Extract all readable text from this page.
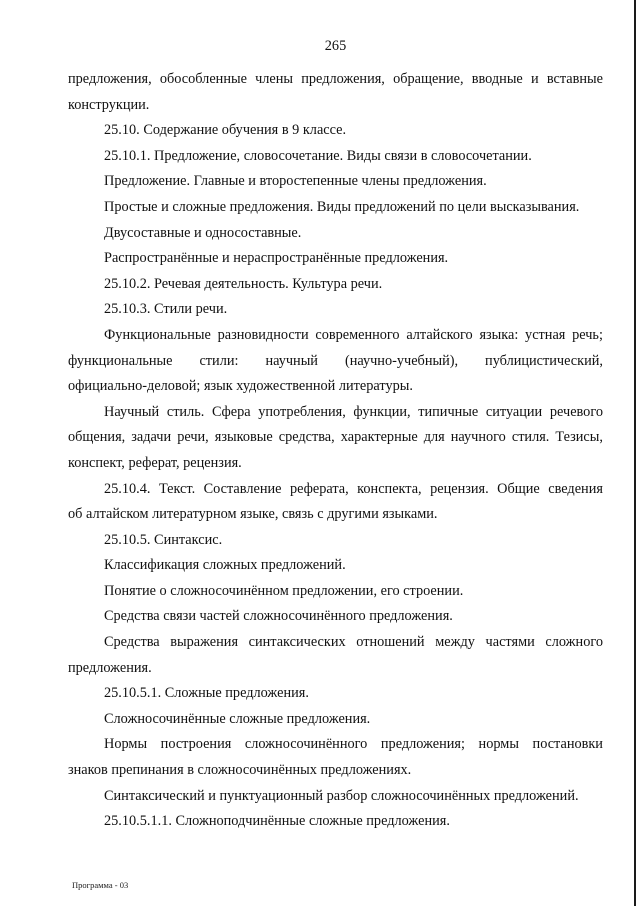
265
предложения, обособленные члены предложения, обращение, вводные и вставные
конструкции.
25.10. Содержание обучения в 9 классе.
25.10.1. Предложение, словосочетание. Виды связи в словосочетании.
Предложение. Главные и второстепенные члены предложения.
Простые и сложные предложения. Виды предложений по цели высказывания.
Двусоставные и односоставные.
Распространённые и нераспространённые предложения.
25.10.2. Речевая деятельность. Культура речи.
25.10.3. Стили речи.
Функциональные разновидности современного алтайского языка: устная речь;
функциональные стили: научный (научно-учебный), публицистический,
официально-деловой; язык художественной литературы.
Научный стиль. Сфера употребления, функции, типичные ситуации речевого
общения, задачи речи, языковые средства, характерные для научного стиля. Тезисы,
конспект, реферат, рецензия.
25.10.4. Текст. Составление реферата, конспекта, рецензия. Общие сведения
об алтайском литературном языке, связь с другими языками.
25.10.5. Синтаксис.
Классификация сложных предложений.
Понятие о сложносочинённом предложении, его строении.
Средства связи частей сложносочинённого предложения.
Средства выражения синтаксических отношений между частями сложного
предложения.
25.10.5.1. Сложные предложения.
Сложносочинённые сложные предложения.
Нормы построения сложносочинённого предложения; нормы постановки
знаков препинания в сложносочинённых предложениях.
Синтаксический и пунктуационный разбор сложносочинённых предложений.
25.10.5.1.1. Сложноподчинённые сложные предложения.
Программа - 03
